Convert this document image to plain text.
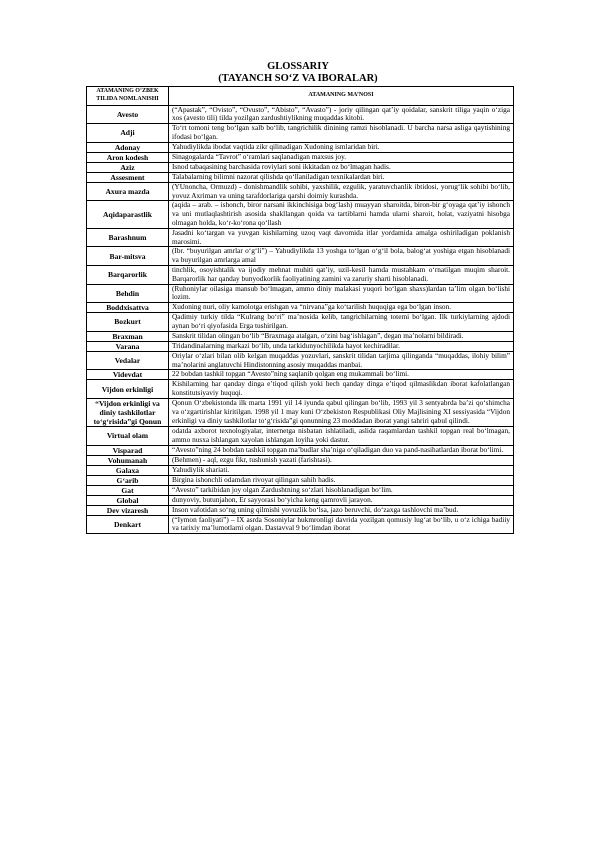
GLOSSARIY
(TAYANCH SO‘Z VA IBORALAR)
ATAMANING O‘ZBEK TILIDA NOMLANISHI	ATAMANING MA’NOSI
Avesto	(“Apastak”, “Ovisto”, “Ovusto”, “Abisto”, “Avasto”) - joriy qilingan qat’iy qoidalar, sanskrit tiliga yaqin o‘ziga xos (avesto tili) tilda yozilgan zardushtiylikning muqaddas kitobi.
Adji	To‘rt tomoni teng bo‘lgan xalb bo‘lib, tangrichilik dinining ramzi hisoblanadi. U barcha narsa asliga qaytishining ifodasi bo‘lgan.
Adonay	Yahudiylikda ibodat vaqtida zikr qilinadigan Xudoning ismlaridan biri.
Aron kodesh	Sinagogalarda “Tavrot” o‘ramlari saqlanadigan maxsus joy.
Aziz	Isnod tabaqasining barchasida roviylari soni ikkitadan oz bo‘lmagan hadis.
Assesment	Talabalarning bilimni nazorat qilishda qo‘llaniladigan texnikalardan biri.
Axura mazda	(YUnoncha, Ormuzd) - donishmandlik sohibi, yaxshilik, ezgulik, yaratuvchanlik ibtidosi, yorug‘lik sohibi bo‘lib, yovuz Axriman va uning tarafdorlariga qarshi doimiy kurashda.
Aqidaparastlik	(aqida – arab. – ishonch, biror narsani ikkinchisiga bog‘lash) muayyan sharoitda, biron-bir g‘oyaga qat’iy ishonch va uni mutlaqlashtirish asosida shakllangan qoida va tartiblarni hamda ularni sharoit, holat, vaziyatni hisobga olmagan holda, ko‘r-ko‘rona qo‘llash
Barashnum	Jasadni ko‘targan va yuvgan kishilarning uzoq vaqt davomida itlar yordamida amalga oshiriladigan poklanish marosimi.
Bar-mitsva	(Ibr. “buyurilgan amrlar o‘g‘li”) – Yahudiylikda 13 yoshga to‘lgan o‘g‘il bola, balog‘at yoshiga etgan hisoblanadi va buyurilgan amrlarga amal
Barqarorlik	tinchlik, osoyishtalik va ijodiy mehnat muhiti qat’iy, uzil-kesil hamda mustahkam o‘rnatilgan muqim sharoit. Barqarorlik har qanday bunyodkorlik faoliyatining zamini va zaruriy sharti hisoblanadi.
Behdin	(Ruhoniylar oilasiga mansub bo‘lmagan, ammo diniy malakasi yuqori bo‘lgan shaxs)lardan ta’lim olgan bo‘lishi lozim.
Boddxisattva	Xudoning nuri, oliy kamolotga erishgan va “nirvana”ga ko‘tarilish huquqiga ega bo‘lgan inson.
Bozkurt	Qadimiy turkiy tilda “Kulrang bo‘ri” ma’nosida kelib, tangrichilarning totemi bo‘lgan. Ilk turkiylarning ajdodi aynan bo‘ri qiyofasida Erga tushirilgan.
Braxman	Sanskrit tilidan olingan bo‘lib “Braxmaga atalgan, o‘zini bag‘ishlagan”, degan ma’nolarni bildiradi.
Varana	Tridandinalarning markazi bo‘lib, unda tarkidunyochilikda hayot kechiradilar.
Vedalar	Oriylar o‘zlari bilan olib kelgan muqaddas yozuvlari, sanskrit tilidan tarjima qilinganda “muqaddas, ilohiy bilim” ma’nolarini anglatuvchi Hindistonning asosiy muqaddas manbai.
Videvdat	22 bobdan tashkil topgan “Avesto”ning saqlanib qolgan eng mukammali bo‘limi.
Vijdon erkinligi	Kishilarning har qanday dinga e’tiqod qilish yoki hech qanday dinga e’tiqod qilmaslikdan iborat kafolatlangan konstitutsiyaviy huquqi.
“Vijdon erkinligi va diniy tashkilotlar to‘g‘risida”gi Qonun	Qonun O‘zbekistonda ilk marta 1991 yil 14 iyunda qabul qilingan bo‘lib, 1993 yil 3 sentyabrda ba’zi qo‘shimcha va o‘zgartirishlar kiritilgan. 1998 yil 1 may kuni O‘zbekiston Respublikasi Oliy Majlisining XI sessiyasida “Vijdon erkinligi va diniy tashkilotlar to‘g‘risida”gi qonunning 23 moddadan iborat yangi tahriri qabul qilindi.
Virtual olam	odatda axborot texnologiyalar, internetga nisbatan ishlatiladi, aslida raqamlardan tashkil topgan real bo‘lmagan, ammo nusxa ishlangan xayolan ishlangan loyiha yoki dastur.
Visparad	“Avesto”ning 24 bobdan tashkil topgan ma’budlar sha’niga o‘qiladigan duo va pand-nasihatlardan iborat bo‘limi.
Vohumanah	(Behmen) - aql, ezgu fikr, tushunish yazati (farishtasi).
Galaxa	Yahudiylik shariati.
G‘arib	Birgina ishonchli odamdan rivoyat qilingan sahih hadis.
Gat	“Avesto” tarkibidan joy olgan Zardushtning so‘zlari hisoblanadigan bo‘lim.
Global	dunyoviy, butunjahon, Er sayyorasi bo‘yicha keng qamrovli jarayon.
Dev vizaresh	Inson vafotidan so‘ng uning qilmishi yovuzlik bo‘lsa, jazo beruvchi, do‘zaxga tashlovchi ma’bud.
Denkart	(“Iymon faoliyati”) – IX asrda Sosoniylar hukmronligi davrida yozilgan qomusiy lug‘at bo‘lib, u o‘z ichiga badiiy va tarixiy ma’lumotlarni olgan. Dastavval 9 bo‘limdan iborat
